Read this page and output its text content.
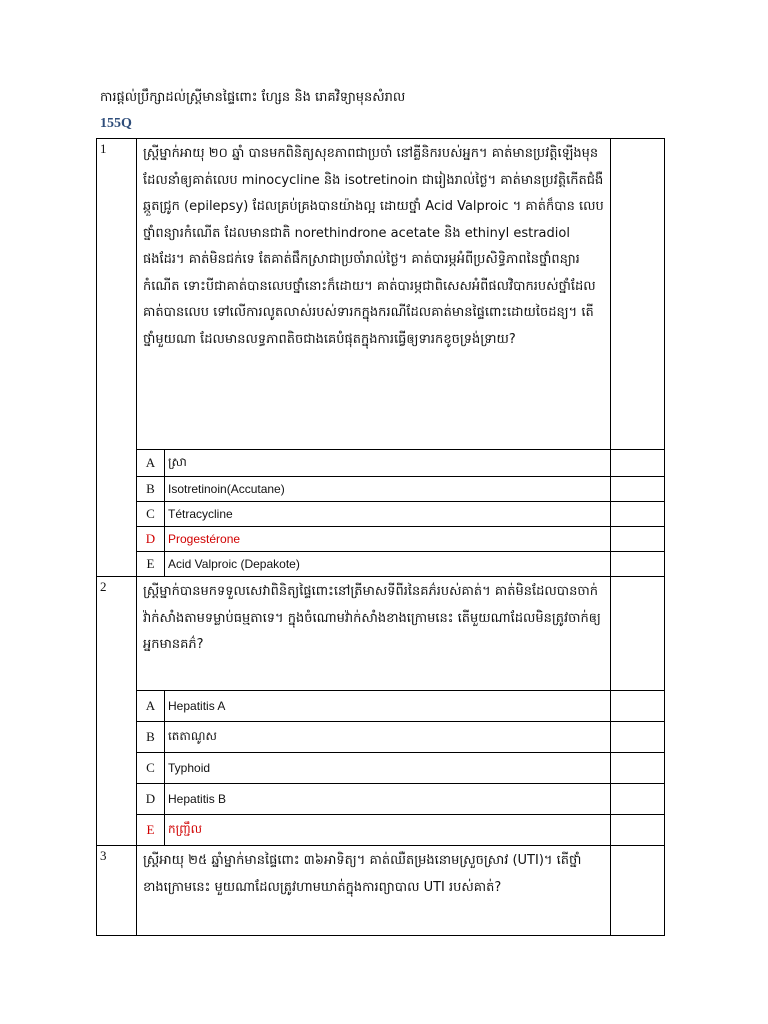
ការផ្តល់ប្រឹក្សាដល់ស្រ្តីមានផ្ទៃពោះ ហ្សែន និង រោគវិទ្យាមុនសំរាល
155Q
1	ស្រ្តីម្នាក់អាយុ ២០ ឆ្នាំ បានមកពិនិត្យសុខភាពជាប្រចាំ នៅគ្លីនិករបស់អ្នក។ គាត់មានប្រវត្តិឡើងមុន ដែលនាំឲ្យគាត់លេប minocycline និង isotretinoin ជារៀងរាល់ថ្ងៃ។ គាត់មានប្រវត្តិកើតជំងឺ ឆ្កួតជ្រូក (epilepsy) ដែលគ្រប់គ្រងបានយ៉ាងល្អ ដោយថ្នាំ Acid Valproic ។ គាត់ក៏បាន លេបថ្នាំពន្យារកំណើត ដែលមានជាតិ norethindrone acetate និង ethinyl estradiol ផងដែរ។ គាត់មិនជក់ទេ តែគាត់ផឹកស្រាជាប្រចាំរាល់ថ្ងៃ។ គាត់បារម្ភអំពីប្រសិទ្ធិភាពនៃថ្នាំពន្យារកំណើត ទោះបីជាគាត់បានលេបថ្នាំនោះក៏ដោយ។ គាត់បារម្ភជាពិសេសអំពីផលវិបាករបស់ថ្នាំដែលគាត់បានលេប ទៅលើការលូតលាស់របស់ទារកក្នុងករណីដែលគាត់មានផ្ទៃពោះដោយចៃដន្យ។ តើថ្នាំមួយណា ដែលមានលទ្ធភាពតិចជាងគេបំផុតក្នុងការធ្វើឲ្យទារកខូចទ្រង់ទ្រាយ?		
	A	ស្រា	
	B	Isotretinoin(Accutane)	
	C	Tétracycline	
	D	Progestérone	
	E	Acid Valproic (Depakote)	
2	ស្រ្តីម្នាក់បានមកទទួលសេវាពិនិត្យផ្ទៃពោះនៅត្រីមាសទីពីរនៃគភ៌របស់គាត់។ គាត់មិនដែលបានចាក់វ៉ាក់សាំងតាមទម្លាប់ធម្មតាទេ។ ក្នុងចំណោមវ៉ាក់សាំងខាងក្រោមនេះ តើមួយណាដែលមិនត្រូវចាក់ឲ្យអ្នកមានគភ៌?		
	A	Hepatitis A	
	B	តេតាណូស	
	C	Typhoid	
	D	Hepatitis B	
	E	កញ្ជ្រឹល	
3	ស្រ្តីអាយុ ២៥ ឆ្នាំម្នាក់មានផ្ទៃពោះ ៣៦អាទិត្យ។ គាត់ឈឺតម្រងនោមស្រួចស្រាវ (UTI)។ តើថ្នាំ ខាងក្រោមនេះ មួយណាដែលត្រូវហាមឃាត់ក្នុងការព្យាបាល UTI របស់គាត់?		
